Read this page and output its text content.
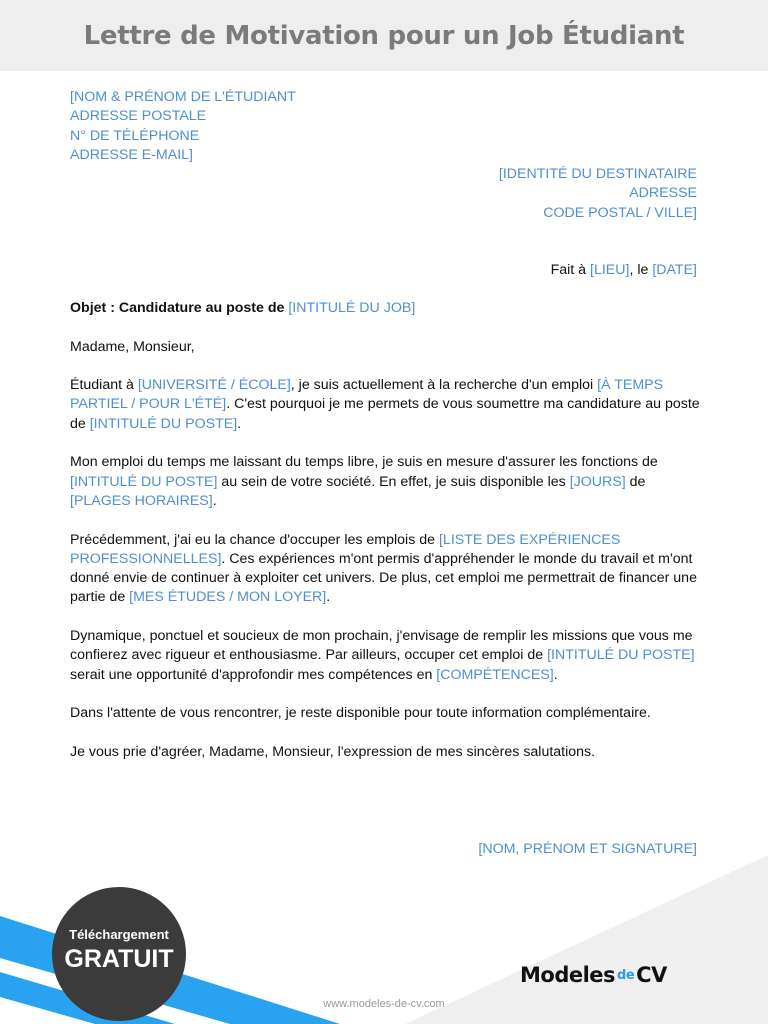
Lettre de Motivation pour un Job Étudiant
[NOM & PRÉNOM DE L'ÉTUDIANT
ADRESSE POSTALE
N° DE TÉLÉPHONE
ADRESSE E-MAIL]
[IDENTITÉ DU DESTINATAIRE
ADRESSE
CODE POSTAL / VILLE]
Fait à [LIEU], le [DATE]

Objet : Candidature au poste de [INTITULÉ DU JOB]

Madame, Monsieur,

Étudiant à [UNIVERSITÉ / ÉCOLE], je suis actuellement à la recherche d'un emploi [À TEMPS PARTIEL / POUR L'ÉTÉ]. C'est pourquoi je me permets de vous soumettre ma candidature au poste de [INTITULÉ DU POSTE].

Mon emploi du temps me laissant du temps libre, je suis en mesure d'assurer les fonctions de [INTITULÉ DU POSTE] au sein de votre société. En effet, je suis disponible les [JOURS] de [PLAGES HORAIRES].

Précédemment, j'ai eu la chance d'occuper les emplois de [LISTE DES EXPÉRIENCES PROFESSIONNELLES]. Ces expériences m'ont permis d'appréhender le monde du travail et m'ont donné envie de continuer à exploiter cet univers. De plus, cet emploi me permettrait de financer une partie de [MES ÉTUDES / MON LOYER].

Dynamique, ponctuel et soucieux de mon prochain, j'envisage de remplir les missions que vous me confierez avec rigueur et enthousiasme. Par ailleurs, occuper cet emploi de [INTITULÉ DU POSTE] serait une opportunité d'approfondir mes compétences en [COMPÉTENCES].

Dans l'attente de vous rencontrer, je reste disponible pour toute information complémentaire.

Je vous prie d'agréer, Madame, Monsieur, l'expression de mes sincères salutations.

[NOM, PRÉNOM ET SIGNATURE]
Téléchargement
GRATUIT
Modeles de CV
www.modeles-de-cv.com
